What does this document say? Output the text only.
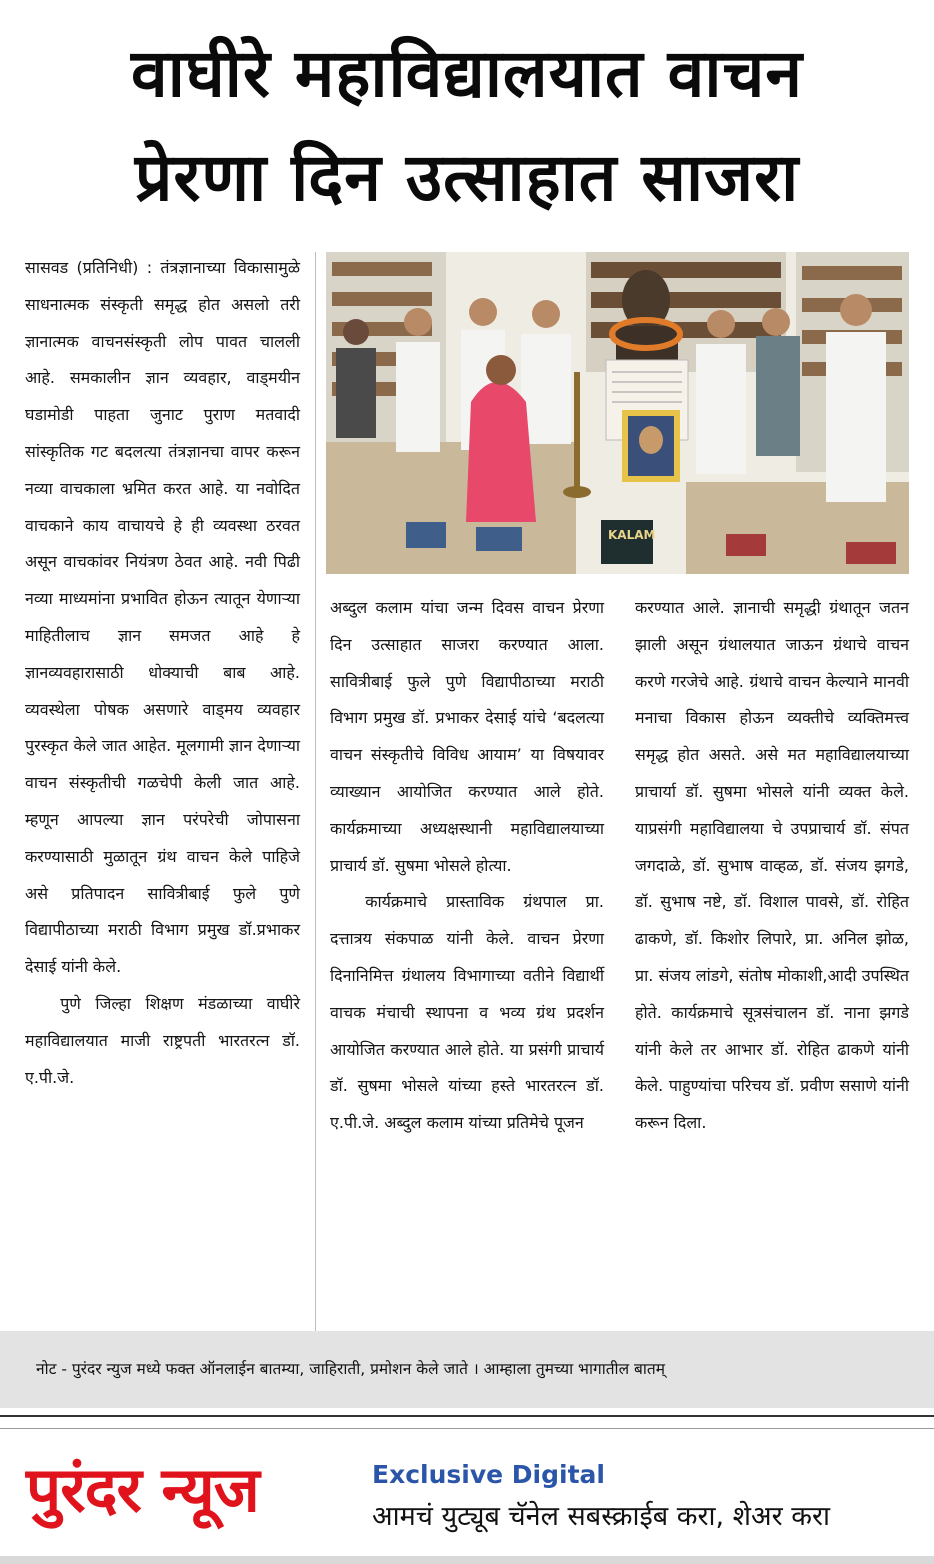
वाघीरे महाविद्यालयात वाचन
प्रेरणा दिन उत्साहात साजरा

सासवड (प्रतिनिधी) : तंत्रज्ञानाच्या विकासामुळे साधनात्मक संस्कृती समृद्ध होत असलो तरी ज्ञानात्मक वाचनसंस्कृती लोप पावत चालली आहे. समकालीन ज्ञान व्यवहार, वाड्मयीन घडामोडी पाहता जुनाट पुराण मतवादी सांस्कृतिक गट बदलत्या तंत्रज्ञानचा वापर करून नव्या वाचकाला भ्रमित करत आहे. या नवोदित वाचकाने काय वाचायचे हे ही व्यवस्था ठरवत असून वाचकांवर नियंत्रण ठेवत आहे. नवी पिढी नव्या माध्यमांना प्रभावित होऊन त्यातून येणाऱ्या माहितीलाच ज्ञान समजत आहे हे ज्ञानव्यवहारासाठी धोक्याची बाब आहे. व्यवस्थेला पोषक असणारे वाड्मय व्यवहार पुरस्कृत केले जात आहेत. मूलगामी ज्ञान देणाऱ्या वाचन संस्कृतीची गळचेपी केली जात आहे. म्हणून आपल्या ज्ञान परंपरेची जोपासना करण्यासाठी मुळातून ग्रंथ वाचन केले पाहिजे असे प्रतिपादन सावित्रीबाई फुले पुणे विद्यापीठाच्या मराठी विभाग प्रमुख डॉ.प्रभाकर देसाई यांनी केले.

पुणे जिल्हा शिक्षण मंडळाच्या वाघीरे महाविद्यालयात माजी राष्ट्रपती भारतरत्न डॉ. ए.पी.जे.

KALAM

अब्दुल कलाम यांचा जन्म दिवस वाचन प्रेरणा दिन उत्साहात साजरा करण्यात आला. सावित्रीबाई फुले पुणे विद्यापीठाच्या मराठी विभाग प्रमुख डॉ. प्रभाकर देसाई यांचे ‘बदलत्या वाचन संस्कृतीचे विविध आयाम’ या विषयावर व्याख्यान आयोजित करण्यात आले होते. कार्यक्रमाच्या अध्यक्षस्थानी महाविद्यालयाच्या प्राचार्य डॉ. सुषमा भोसले होत्या.

कार्यक्रमाचे प्रास्ताविक ग्रंथपाल प्रा. दत्तात्रय संकपाळ यांनी केले. वाचन प्रेरणा दिनानिमित्त ग्रंथालय विभागाच्या वतीने विद्यार्थी वाचक मंचाची स्थापना व भव्य ग्रंथ प्रदर्शन आयोजित करण्यात आले होते. या प्रसंगी प्राचार्य डॉ. सुषमा भोसले यांच्या हस्ते भारतरत्न डॉ. ए.पी.जे. अब्दुल कलाम यांच्या प्रतिमेचे पूजन

करण्यात आले. ज्ञानाची समृद्धी ग्रंथातून जतन झाली असून ग्रंथालयात जाऊन ग्रंथाचे वाचन करणे गरजेचे आहे. ग्रंथाचे वाचन केल्याने मानवी मनाचा विकास होऊन व्यक्तीचे व्यक्तिमत्त्व समृद्ध होत असते. असे मत महाविद्यालयाच्या प्राचार्या डॉ. सुषमा भोसले यांनी व्यक्त केले. याप्रसंगी महाविद्यालया चे उपप्राचार्य डॉ. संपत जगदाळे, डॉ. सुभाष वाव्हळ, डॉ. संजय झगडे, डॉ. सुभाष नष्टे, डॉ. विशाल पावसे, डॉ. रोहित ढाकणे, डॉ. किशोर लिपारे, प्रा. अनिल झोळ, प्रा. संजय लांडगे, संतोष मोकाशी,आदी उपस्थित होते. कार्यक्रमाचे सूत्रसंचालन डॉ. नाना झगडे यांनी केले तर आभार डॉ. रोहित ढाकणे यांनी केले. पाहुण्यांचा परिचय डॉ. प्रवीण ससाणे यांनी करून दिला.

नोट - पुरंदर न्युज मध्ये फक्त ऑनलाईन बातम्या, जाहिराती, प्रमोशन केले जाते । आम्हाला तुमच्या भागातील बातम्
पुरंदर न्यूज	Exclusive Digital
आमचं युट्यूब चॅनेल सबस्क्राईब करा, शेअर करा
